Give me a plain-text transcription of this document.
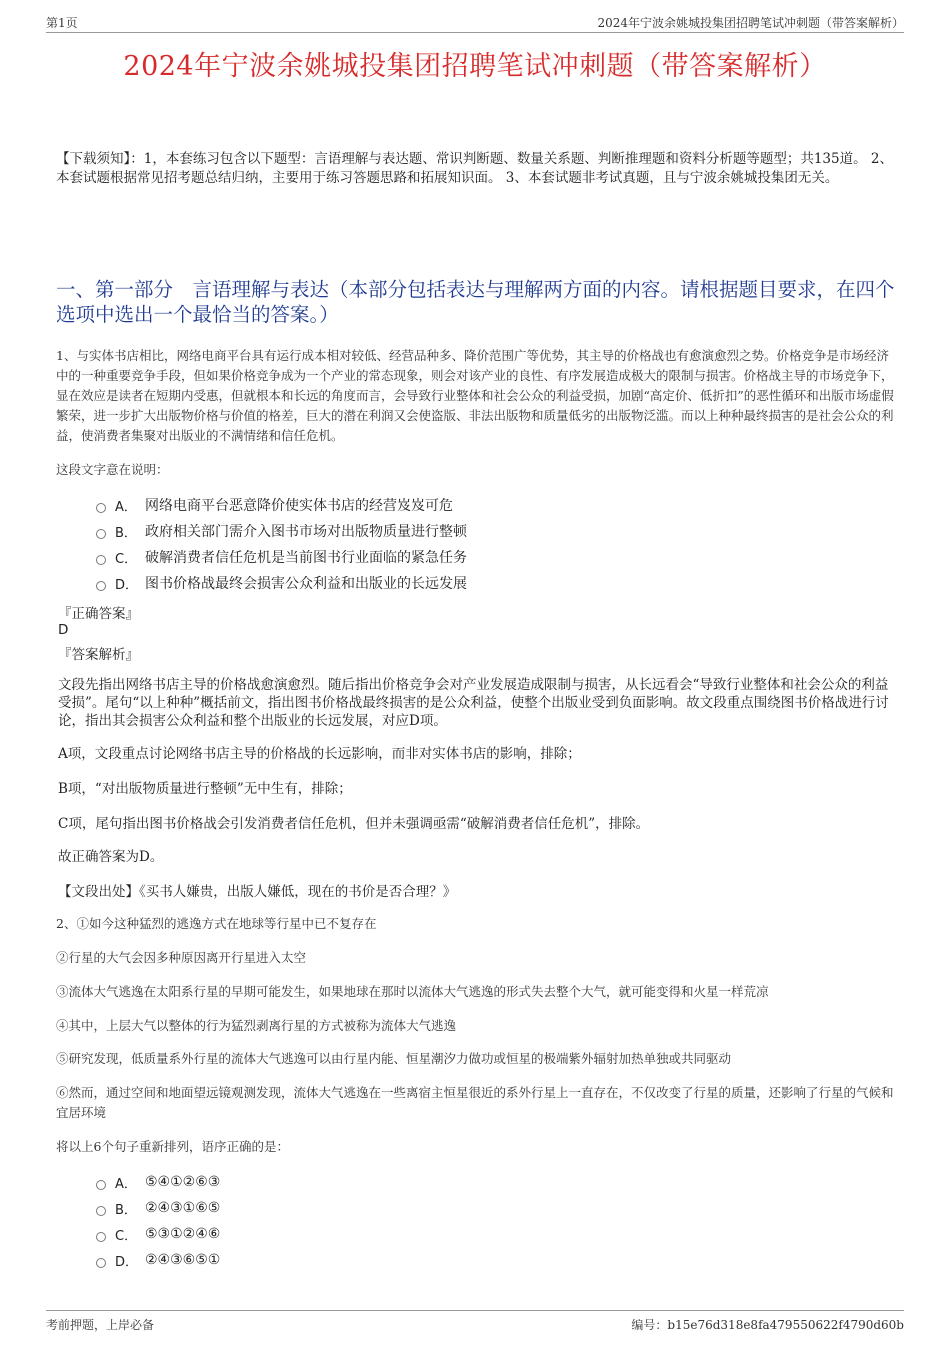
第1页	2024年宁波余姚城投集团招聘笔试冲刺题（带答案解析）
2024年宁波余姚城投集团招聘笔试冲刺题（带答案解析）
【下载须知】：1，本套练习包含以下题型：言语理解与表达题、常识判断题、数量关系题、判断推理题和资料分析题等题型；共135道。 2、本套试题根据常见招考题总结归纳，主要用于练习答题思路和拓展知识面。 3、本套试题非考试真题，且与宁波余姚城投集团无关。
一、第一部分　言语理解与表达（本部分包括表达与理解两方面的内容。请根据题目要求，在四个选项中选出一个最恰当的答案。）
1、与实体书店相比，网络电商平台具有运行成本相对较低、经营品种多、降价范围广等优势，其主导的价格战也有愈演愈烈之势。价格竞争是市场经济中的一种重要竞争手段，但如果价格竞争成为一个产业的常态现象，则会对该产业的良性、有序发展造成极大的限制与损害。价格战主导的市场竞争下，显在效应是读者在短期内受惠，但就根本和长远的角度而言，会导致行业整体和社会公众的利益受损，加剧“高定价、低折扣”的恶性循环和出版市场虚假繁荣，进一步扩大出版物价格与价值的格差，巨大的潜在利润又会使盗版、非法出版物和质量低劣的出版物泛滥。而以上种种最终损害的是社会公众的利益，使消费者集聚对出版业的不满情绪和信任危机。
这段文字意在说明：
A． 网络电商平台恶意降价使实体书店的经营岌岌可危
B． 政府相关部门需介入图书市场对出版物质量进行整顿
C． 破解消费者信任危机是当前图书行业面临的紧急任务
D． 图书价格战最终会损害公众利益和出版业的长远发展
『正确答案』
D
『答案解析』
文段先指出网络书店主导的价格战愈演愈烈。随后指出价格竞争会对产业发展造成限制与损害，从长远看会“导致行业整体和社会公众的利益受损”。尾句“以上种种”概括前文，指出图书价格战最终损害的是公众利益，使整个出版业受到负面影响。故文段重点围绕图书价格战进行讨论，指出其会损害公众利益和整个出版业的长远发展，对应D项。
A项，文段重点讨论网络书店主导的价格战的长远影响，而非对实体书店的影响，排除；
B项，“对出版物质量进行整顿”无中生有，排除；
C项，尾句指出图书价格战会引发消费者信任危机，但并未强调亟需“破解消费者信任危机”，排除。
故正确答案为D。
【文段出处】《买书人嫌贵，出版人嫌低，现在的书价是否合理？》
2、①如今这种猛烈的逃逸方式在地球等行星中已不复存在
②行星的大气会因多种原因离开行星进入太空
③流体大气逃逸在太阳系行星的早期可能发生，如果地球在那时以流体大气逃逸的形式失去整个大气，就可能变得和火星一样荒凉
④其中，上层大气以整体的行为猛烈剥离行星的方式被称为流体大气逃逸
⑤研究发现，低质量系外行星的流体大气逃逸可以由行星内能、恒星潮汐力做功或恒星的极端紫外辐射加热单独或共同驱动
⑥然而，通过空间和地面望远镜观测发现，流体大气逃逸在一些离宿主恒星很近的系外行星上一直存在，不仅改变了行星的质量，还影响了行星的气候和宜居环境
将以上6个句子重新排列，语序正确的是：
A． ⑤④①②⑥③
B． ②④③①⑥⑤
C． ⑤③①②④⑥
D． ②④③⑥⑤①
考前押题，上岸必备	编号：b15e76d318e8fa479550622f4790d60b
